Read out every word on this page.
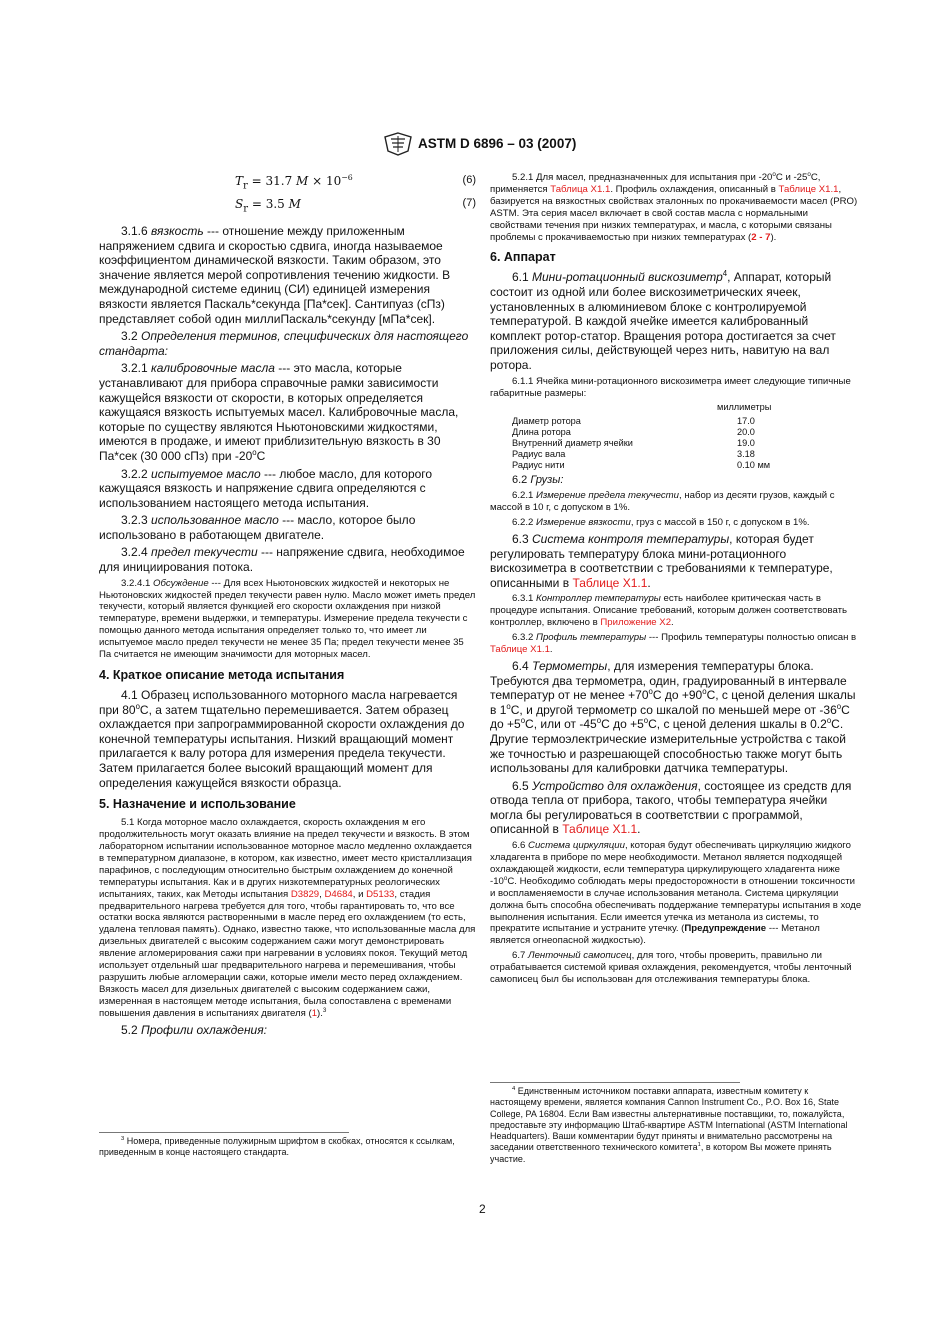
ASTM D 6896 – 03 (2007)
$T_r = 31.7$ $M \times 10^{-6}$	(6)
$S_r = 3.5$ M	(7)

3.1.6 вязкость --- отношение между приложенным напряжением сдвига и скоростью сдвига, иногда называемое коэффициентом динамической вязкости. Таким образом, это значение является мерой сопротивления течению жидкости. В международной системе единиц (СИ) единицей измерения вязкости является Паскаль*секунда [Па*сек]. Сантипуаз (сПз) представляет собой один миллиПаскаль*секунду [мПа*сек].

3.2 Определения терминов, специфических для настоящего стандарта:

3.2.1 калибровочные масла --- это масла, которые устанавливают для прибора справочные рамки зависимости кажущейся вязкости от скорости, в которых определяется кажущаяся вязкость испытуемых масел. Калибровочные масла, которые по существу являются Ньютоновскими жидкостями, имеются в продаже, и имеют приблизительную вязкость в 30 Па*сек (30 000 сПз) при -20$^o$С

3.2.2 испытуемое масло --- любое масло, для которого кажущаяся вязкость и напряжение сдвига определяются с использованием настоящего метода испытания.

3.2.3 использованное масло --- масло, которое было использовано в работающем двигателе.

3.2.4 предел текучести --- напряжение сдвига, необходимое для инициирования потока.

3.2.4.1 Обсуждение --- Для всех Ньютоновских жидкостей и некоторых не Ньютоновских жидкостей предел текучести равен нулю. Масло может иметь предел текучести, который является функцией его скорости охлаждения при низкой температуре, времени выдержки, и температуры. Измерение предела текучести с помощью данного метода испытания определяет только то, что имеет ли испытуемое масло предел текучести не менее 35 Па; предел текучести менее 35 Па считается не имеющим значимости для моторных масел.

4. Краткое описание метода испытания

4.1 Образец использованного моторного масла нагревается при 80$^o$С, а затем тщательно перемешивается. Затем образец охлаждается при запрограммированной скорости охлаждения до конечной температуры испытания. Низкий вращающий момент прилагается к валу ротора для измерения предела текучести. Затем прилагается более высокий вращающий момент для определения кажущейся вязкости образца.

5. Назначение и использование

5.1 Когда моторное масло охлаждается, скорость охлаждения м его продолжительность могут оказать влияние на предел текучести и вязкость. В этом лабораторном испытании использованное моторное масло медленно охлаждается в температурном диапазоне, в котором, как известно, имеет место кристаллизация парафинов, с последующим относительно быстрым охлаждением до конечной температуры испытания. Как и в других низкотемпературных реологических испытаниях, таких, как Методы испытания D3829, D4684, и D5133, стадия предварительного нагрева требуется для того, чтобы гарантировать то, что все остатки воска являются растворенными в масле перед его охлаждением (то есть, удалена тепловая память). Однако, известно также, что использованные масла для дизельных двигателей с высоким содержанием сажи могут демонстрировать явление агломерирования сажи при нагревании в условиях покоя. Текущий метод использует отдельный шаг предварительного нагрева и перемешивания, чтобы разрушить любые агломерации сажи, которые имели место перед охлаждением. Вязкость масел для дизельных двигателей с высоким содержанием сажи, измеренная в настоящем методе испытания, была сопоставлена с временами повышения давления в испытаниях двигателя (1).$^3$

5.2 Профили охлаждения:

$^3$ Номера, приведенные полужирным шрифтом в скобках, относятся к ссылкам, приведенным в конце настоящего стандарта.

5.2.1 Для масел, предназначенных для испытания при -20$^o$С и -25$^o$С, применяется Таблица X1.1. Профиль охлаждения, описанный в Таблице X1.1, базируется на вязкостных свойствах эталонных по прокачиваемости масел (PRO) ASTM. Эта серия масел включает в свой состав масла с нормальными свойствами течения при низких температурах, и масла, с которыми связаны проблемы с прокачиваемостью при низких температурах (2 - 7).

6. Аппарат

6.1 Мини-ротационный вискозиметр$^4$, Аппарат, который состоит из одной или более вискозиметрических ячеек, установленных в алюминиевом блоке с контролируемой температурой. В каждой ячейке имеется калиброванный комплект ротор-статор. Вращения ротора достигается за счет приложения силы, действующей через нить, навитую на вал ротора.

6.1.1 Ячейка мини-ротационного вискозиметра имеет следующие типичные габаритные размеры:

миллиметры
Диаметр ротора	17.0
Длина ротора	20.0
Внутренний диаметр ячейки	19.0
Радиус вала	3.18
Радиус нити	0.10 мм

6.2 Грузы:

6.2.1 Измерение предела текучести, набор из десяти грузов, каждый с массой в 10 г, с допуском в 1%.

6.2.2 Измерение вязкости, груз с массой в 150 г, с допуском в 1%.

6.3 Система контроля температуры, которая будет регулировать температуру блока мини-ротационного вискозиметра в соответствии с требованиями к температуре, описанными в Таблице X1.1.

6.3.1 Контроллер температуры есть наиболее критическая часть в процедуре испытания. Описание требований, которым должен соответствовать контроллер, включено в Приложение X2.

6.3.2 Профиль температуры --- Профиль температуры полностью описан в Таблице X1.1.

6.4 Термометры, для измерения температуры блока. Требуются два термометра, один, градуированный в интервале температур от не менее $+70^oС$ до $+90^oС$, с ценой деления шкалы в 1$^o$С, и другой термометр со шкалой по меньшей мере от -36$^o$С до $+5^oС$, или от -45$^o$С до $+5^oС$, с ценой деления шкалы в 0.2$^o$С. Другие термоэлектрические измерительные устройства с такой же точностью и разрешающей способностью также могут быть использованы для калибровки датчика температуры.

6.5 Устройство для охлаждения, состоящее из средств для отвода тепла от прибора, такого, чтобы температура ячейки могла бы регулироваться в соответствии с программой, описанной в Таблице X1.1.

6.6 Система циркуляции, которая будут обеспечивать циркуляцию жидкого хладагента в приборе по мере необходимости. Метанол является подходящей охлаждающей жидкости, если температура циркулирующего хладагента ниже -10$^o$С. Необходимо соблюдать меры предосторожности в отношении токсичности и воспламеняемости в случае использования метанола. Система циркуляции должна быть способна обеспечивать поддержание температуры испытания в ходе выполнения испытания. Если имеется утечка из метанола из системы, то прекратите испытание и устраните утечку. (Предупреждение --- Метанол является огнеопасной жидкостью).

6.7 Ленточный самописец, для того, чтобы проверить, правильно ли отрабатывается системой кривая охлаждения, рекомендуется, чтобы ленточный самописец был бы использован для отслеживания температуры блока.

$^4$ Единственным источником поставки аппарата, известным комитету к настоящему времени, является компания Cannon Instrument Co., P.O. Box 16, State College, PA 16804. Если Вам известны альтернативные поставщики, то, пожалуйста, предоставьте эту информацию Штаб-квартире ASTM International (ASTM International Headquarters). Ваши комментарии будут приняты и внимательно рассмотрены на заседании ответственного технического комитета$^1$, в котором Вы можете принять участие.

2
